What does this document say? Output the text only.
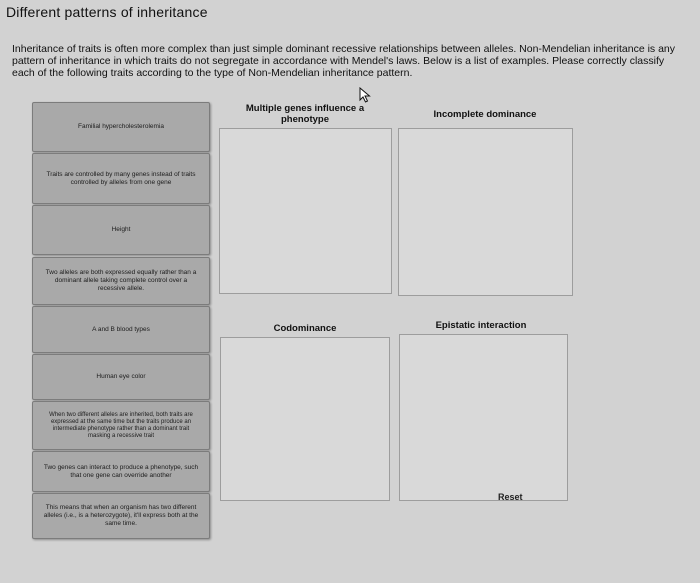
Different patterns of inheritance
Inheritance of traits is often more complex than just simple dominant recessive relationships between alleles. Non-Mendelian inheritance is any pattern of inheritance in which traits do not segregate in accordance with Mendel's laws. Below is a list of examples. Please correctly classify each of the following traits according to the type of Non-Mendelian inheritance pattern.
Familial hypercholesterolemia
Traits are controlled by many genes instead of traits controlled by alleles from one gene
Height
Two alleles are both expressed equally rather than a dominant allele taking complete control over a recessive allele.
A and B blood types
Human eye color
When two different alleles are inherited, both traits are expressed at the same time but the traits produce an intermediate phenotype rather than a dominant trait masking a recessive trait
Two genes can interact to produce a phenotype, such that one gene can override another
This means that when an organism has two different alleles (i.e., is a heterozygote), it'll express both at the same time.
Multiple genes influence a phenotype	Incomplete dominance
Codominance	Epistatic interaction
Reset
